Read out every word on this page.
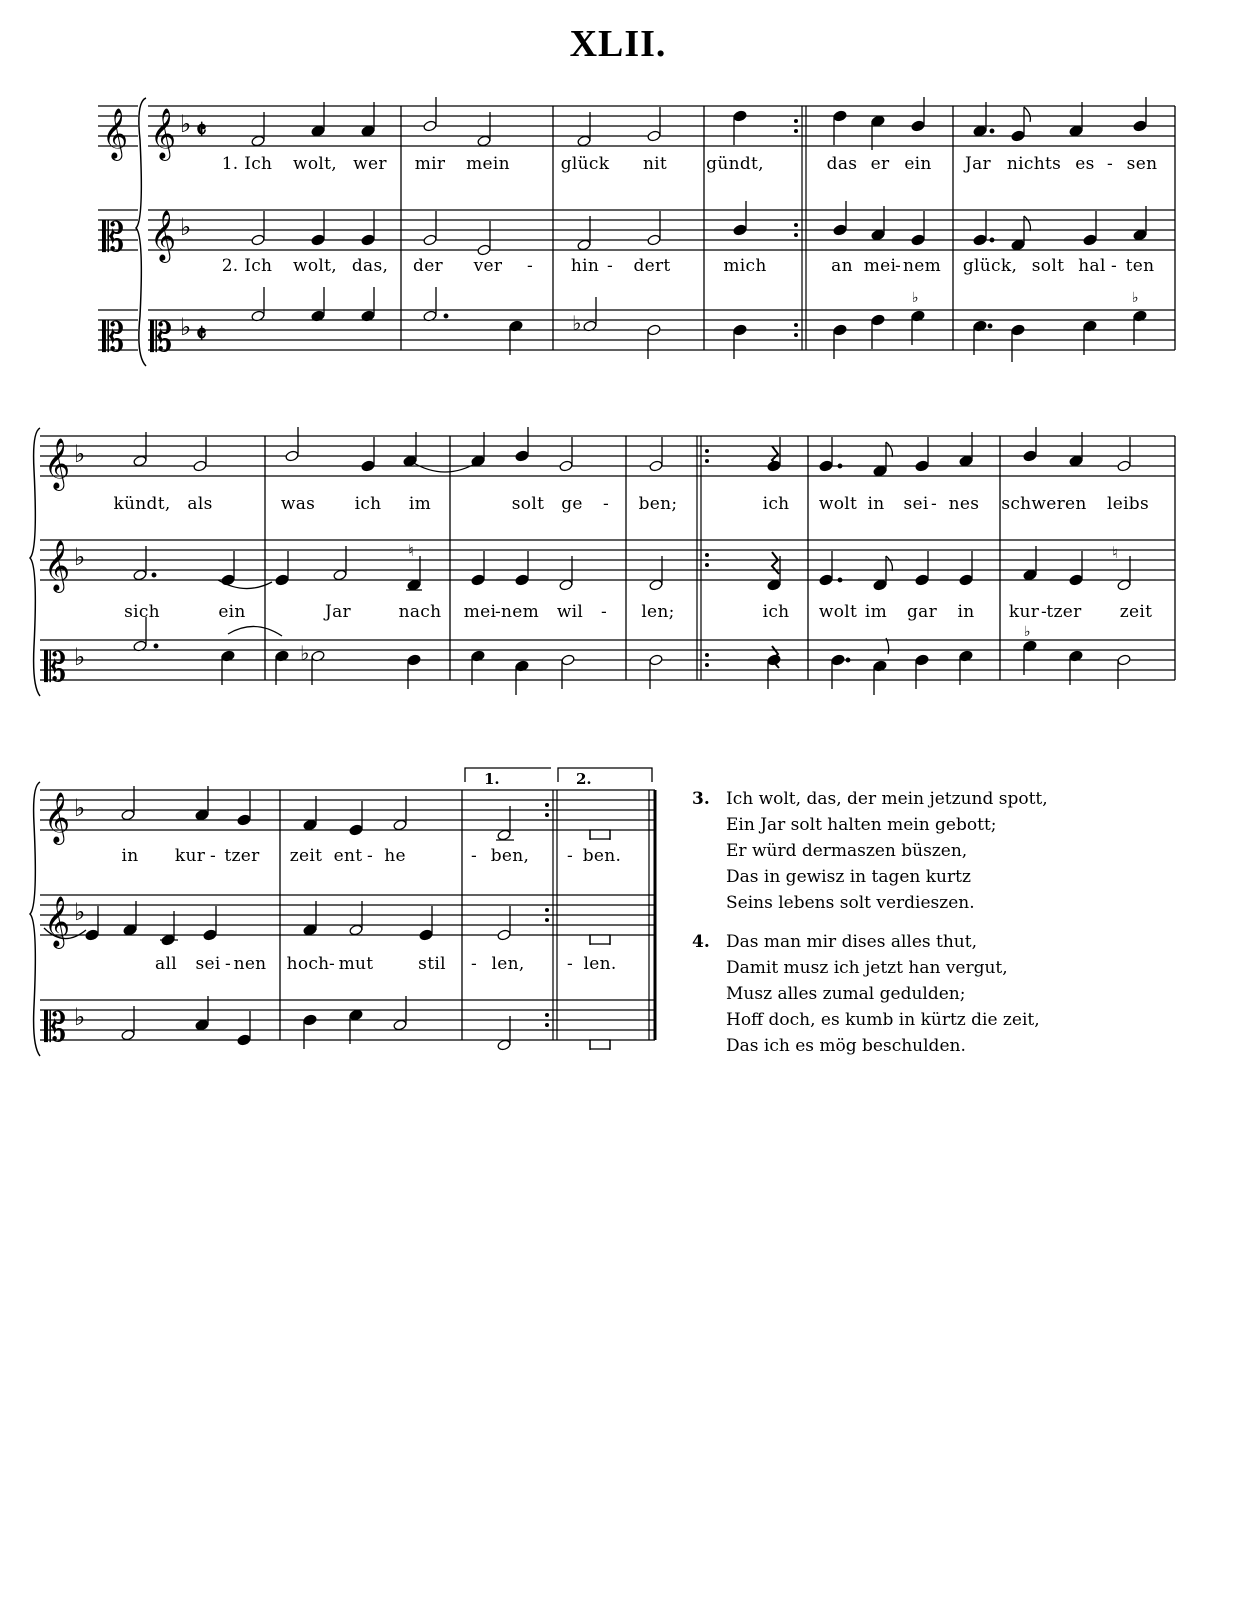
XLII.
𝄞 𝄞
𝄡 𝄞
𝄡 𝄡
♭
♭
♭
𝄵
𝄵	♭
♭	♭
1. Ich wolt, wer mir mein	glück nit gündt,	das er ein Jar nichts es - sen
2. Ich wolt, das, der ver - hin - dert	mich	an mei
- nem glück, solt hal - ten
𝄞
𝄞
𝄡
♭
♭
♭
♮	♮
♭
♭
kündt, als	was ich im	solt ge - ben;	ich wolt in sei - nes schweren leibs
sich	ein	Jar	nach mei
- nem wil - len;	ich wolt im gar in kur - tzer zeit
𝄞
𝄞
𝄡
♭
♭
♭
1.	2.
in kur - tzer zeit ent - he	- ben, - ben.
all sei - nen hoch - mut	stil - len, - len.
3. Ich wolt, das, der mein jetzund spott,
Ein Jar solt halten mein gebott;
Er würd dermaszen büszen,
Das in gewisz in tagen kurtz
Seins lebens solt verdieszen.
4. Das man mir dises alles thut,
Damit musz ich jetzt han vergut,
Musz alles zumal gedulden;
Hoff doch, es kumb in kürtz die zeit,
Das ich es mög beschulden.
